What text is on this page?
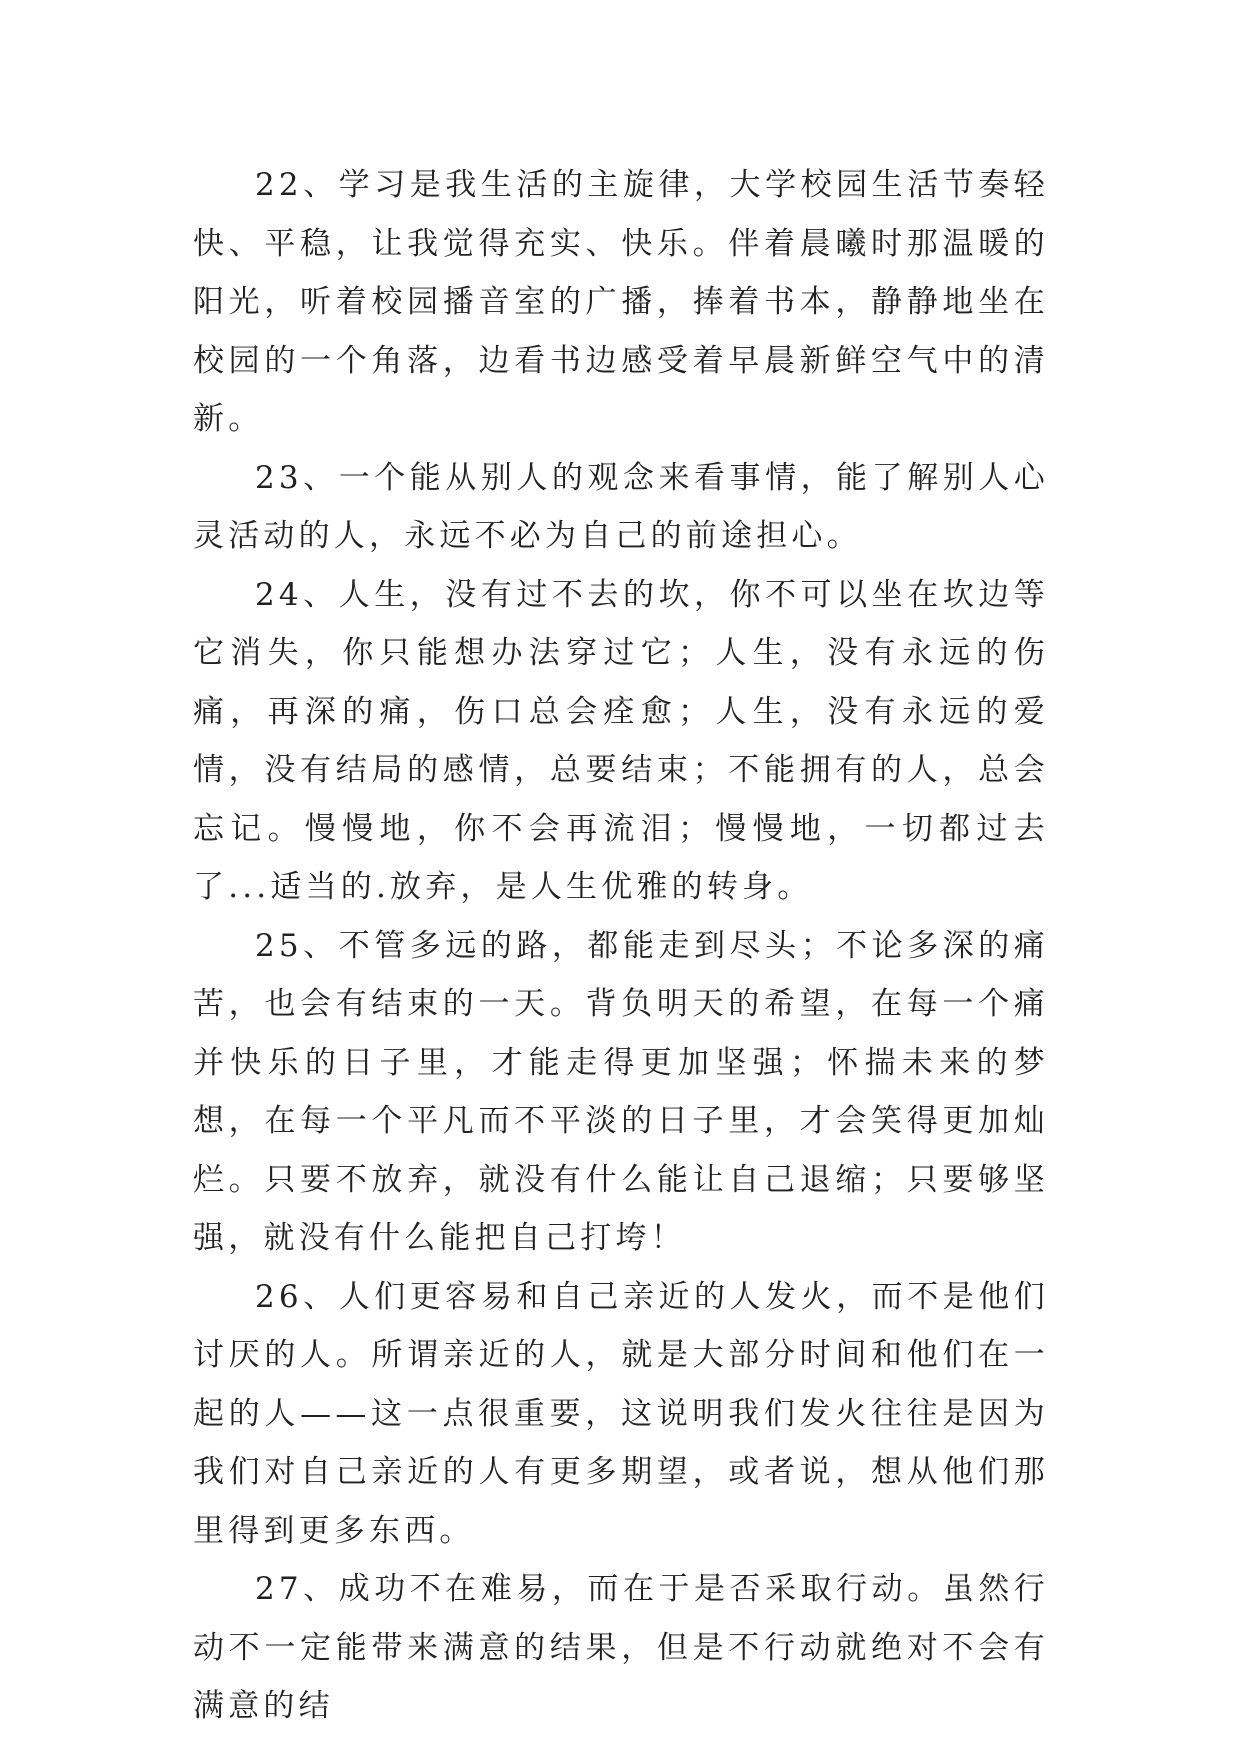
22、学习是我生活的主旋律，大学校园生活节奏轻快、平稳，让我觉得充实、快乐。伴着晨曦时那温暖的阳光，听着校园播音室的广播，捧着书本，静静地坐在校园的一个角落，边看书边感受着早晨新鲜空气中的清新。

23、一个能从别人的观念来看事情，能了解别人心灵活动的人，永远不必为自己的前途担心。

24、人生，没有过不去的坎，你不可以坐在坎边等它消失，你只能想办法穿过它；人生，没有永远的伤痛，再深的痛，伤口总会痊愈；人生，没有永远的爱情，没有结局的感情，总要结束；不能拥有的人，总会忘记。慢慢地，你不会再流泪；慢慢地，一切都过去了...适当的.放弃，是人生优雅的转身。

25、不管多远的路，都能走到尽头；不论多深的痛苦，也会有结束的一天。背负明天的希望，在每一个痛并快乐的日子里，才能走得更加坚强；怀揣未来的梦想，在每一个平凡而不平淡的日子里，才会笑得更加灿烂。只要不放弃，就没有什么能让自己退缩；只要够坚强，就没有什么能把自己打垮！

26、人们更容易和自己亲近的人发火，而不是他们讨厌的人。所谓亲近的人，就是大部分时间和他们在一起的人——这一点很重要，这说明我们发火往往是因为我们对自己亲近的人有更多期望，或者说，想从他们那里得到更多东西。

27、成功不在难易，而在于是否采取行动。虽然行动不一定能带来满意的结果，但是不行动就绝对不会有满意的结
